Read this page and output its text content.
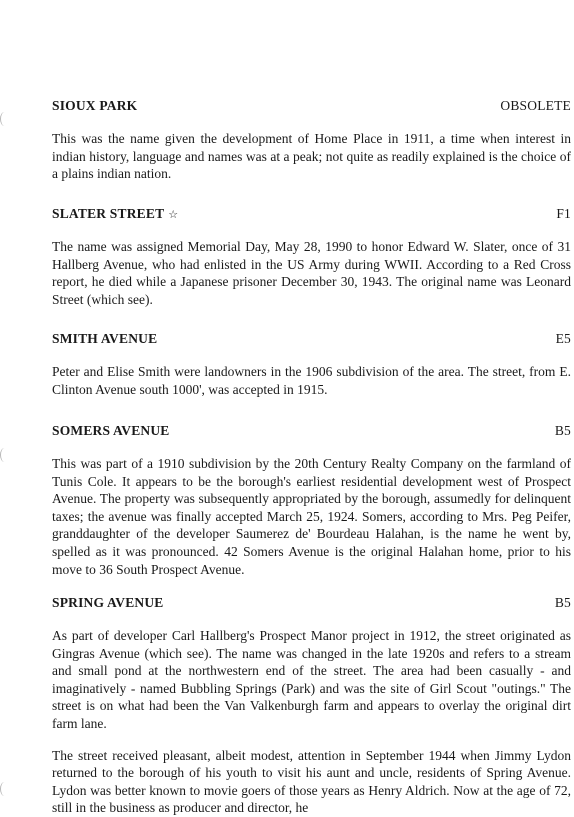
SIOUX PARK	OBSOLETE

This was the name given the development of Home Place in 1911, a time when interest in indian history, language and names was at a peak; not quite as readily explained is the choice of a plains indian nation.

SLATER STREET ☆	F1

The name was assigned Memorial Day, May 28, 1990 to honor Edward W. Slater, once of 31 Hallberg Avenue, who had enlisted in the US Army during WWII. According to a Red Cross report, he died while a Japanese prisoner December 30, 1943. The original name was Leonard Street (which see).

SMITH AVENUE	E5

Peter and Elise Smith were landowners in the 1906 subdivision of the area. The street, from E. Clinton Avenue south 1000', was accepted in 1915.

SOMERS AVENUE	B5

This was part of a 1910 subdivision by the 20th Century Realty Company on the farmland of Tunis Cole. It appears to be the borough's earliest residential development west of Prospect Avenue. The property was subsequently appropriated by the borough, assumedly for delinquent taxes; the avenue was finally accepted March 25, 1924. Somers, according to Mrs. Peg Peifer, granddaughter of the developer Saumerez de' Bourdeau Halahan, is the name he went by, spelled as it was pronounced. 42 Somers Avenue is the original Halahan home, prior to his move to 36 South Prospect Avenue.

SPRING AVENUE	B5

As part of developer Carl Hallberg's Prospect Manor project in 1912, the street originated as Gingras Avenue (which see). The name was changed in the late 1920s and refers to a stream and small pond at the northwestern end of the street. The area had been casually - and imaginatively - named Bubbling Springs (Park) and was the site of Girl Scout "outings." The street is on what had been the Van Valkenburgh farm and appears to overlay the original dirt farm lane.

The street received pleasant, albeit modest, attention in September 1944 when Jimmy Lydon returned to the borough of his youth to visit his aunt and uncle, residents of Spring Avenue. Lydon was better known to movie goers of those years as Henry Aldrich. Now at the age of 72, still in the business as producer and director, he
